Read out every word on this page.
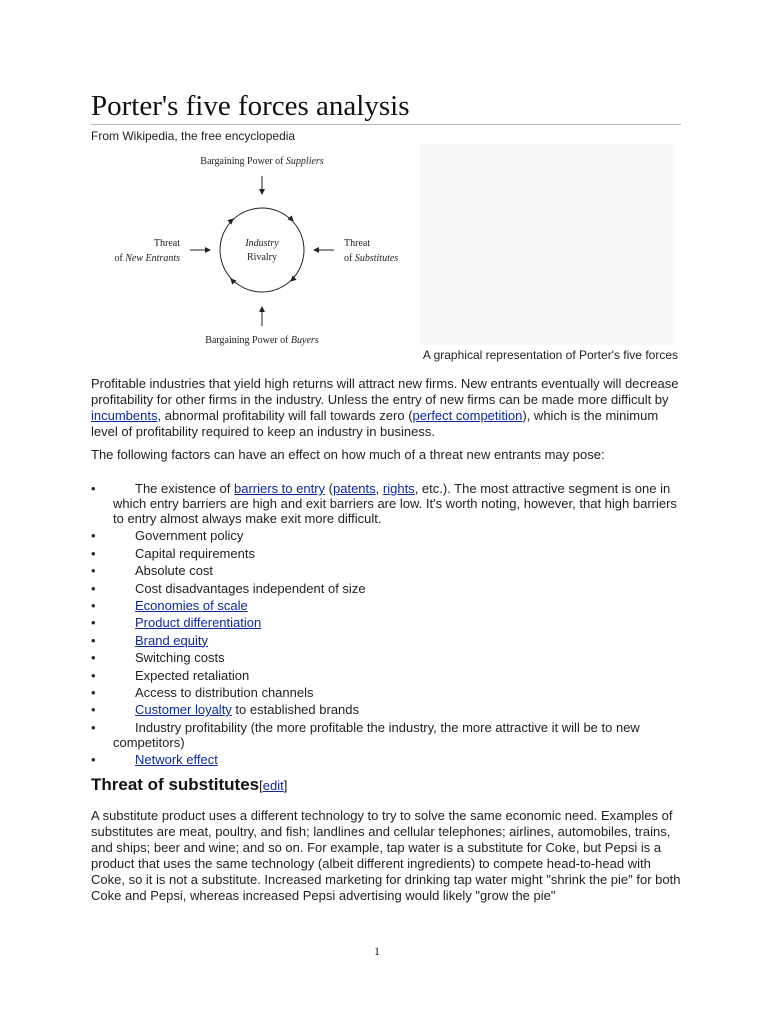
Porter's five forces analysis
From Wikipedia, the free encyclopedia
Bargaining Power of Suppliers
Industry
Rivalry
Threat
of New Entrants
Threat
of Substitutes
Bargaining Power of Buyers
A graphical representation of Porter's five forces
Profitable industries that yield high returns will attract new firms. New entrants eventually will decrease profitability for other firms in the industry. Unless the entry of new firms can be made more difficult by incumbents, abnormal profitability will fall towards zero (perfect competition), which is the minimum level of profitability required to keep an industry in business.
The following factors can have an effect on how much of a threat new entrants may pose:
•	The existence of barriers to entry (patents, rights, etc.). The most attractive segment is one in which entry barriers are high and exit barriers are low. It's worth noting, however, that high barriers to entry almost always make exit more difficult.
•	Government policy
•	Capital requirements
•	Absolute cost
•	Cost disadvantages independent of size
•	Economies of scale
•	Product differentiation
•	Brand equity
•	Switching costs
•	Expected retaliation
•	Access to distribution channels
•	Customer loyalty to established brands
•	Industry profitability (the more profitable the industry, the more attractive it will be to new competitors)
•	Network effect
Threat of substitutes[edit]
A substitute product uses a different technology to try to solve the same economic need. Examples of substitutes are meat, poultry, and fish; landlines and cellular telephones; airlines, automobiles, trains, and ships; beer and wine; and so on. For example, tap water is a substitute for Coke, but Pepsi is a product that uses the same technology (albeit different ingredients) to compete head-to-head with Coke, so it is not a substitute. Increased marketing for drinking tap water might "shrink the pie" for both Coke and Pepsi, whereas increased Pepsi advertising would likely "grow the pie"
1
